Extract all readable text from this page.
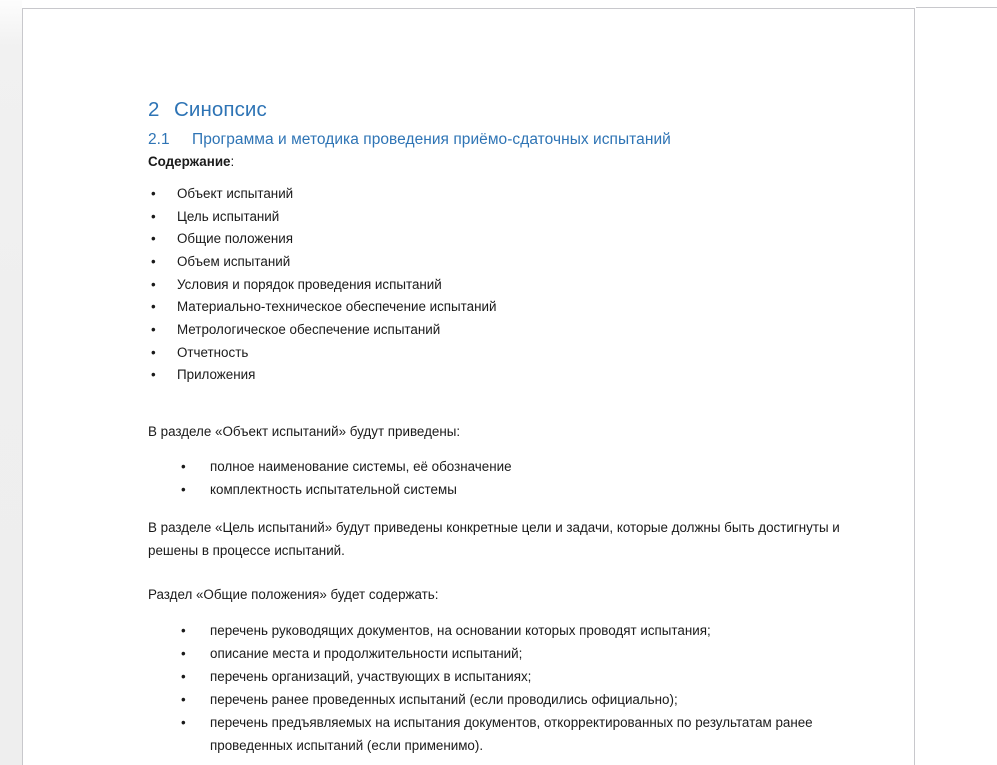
2 Синопсис
2.1 Программа и методика проведения приёмо-сдаточных испытаний
Содержание:
• Объект испытаний
• Цель испытаний
• Общие положения
• Объем испытаний
• Условия и порядок проведения испытаний
• Материально-техническое обеспечение испытаний
• Метрологическое обеспечение испытаний
• Отчетность
• Приложения
В разделе «Объект испытаний» будут приведены:
• полное наименование системы, её обозначение
• комплектность испытательной системы
В разделе «Цель испытаний» будут приведены конкретные цели и задачи, которые должны быть достигнуты и решены в процессе испытаний.
Раздел «Общие положения» будет содержать:
• перечень руководящих документов, на основании которых проводят испытания;
• описание места и продолжительности испытаний;
• перечень организаций, участвующих в испытаниях;
• перечень ранее проведенных испытаний (если проводились официально);
• перечень предъявляемых на испытания документов, откорректированных по результатам ранее проведенных испытаний (если применимо).
